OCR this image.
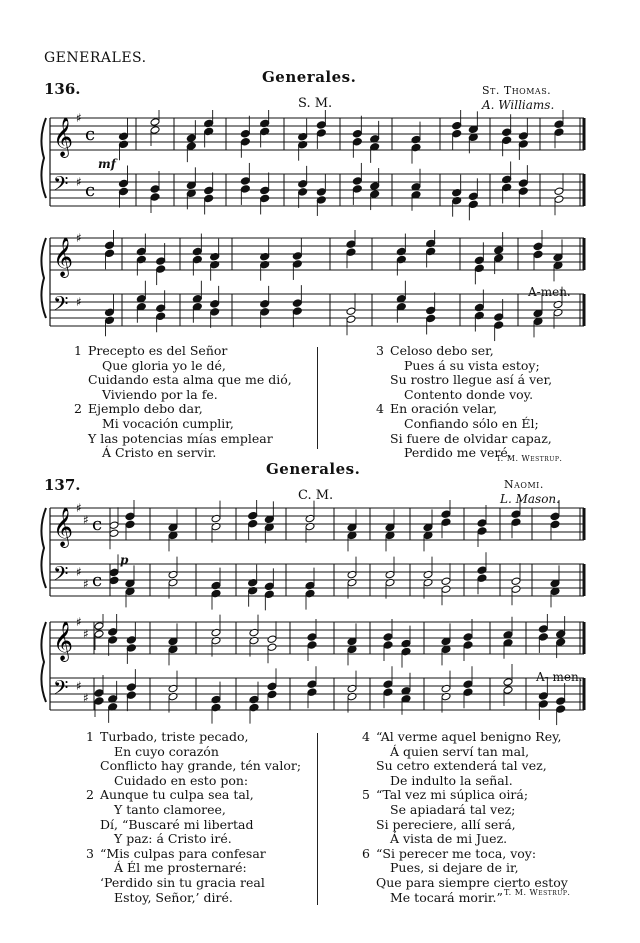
GENERALES.
136.
Generales.
S. M.
St. Thomas.
A. Williams.
𝄞 ♯
c
𝄢 ♯ c
𝄞 ♯
𝄢 ♯
mf
A-men.
1 Precepto es del Señor
Que gloria yo le dé,
Cuidando esta alma que me dió,
Viviendo por la fe.
2 Ejemplo debo dar,
Mi vocación cumplir,
Y las potencias mías emplear
Á Cristo en servir.
3 Celoso debo ser,
Pues á su vista estoy;
Su rostro llegue así á ver,
Contento donde voy.
4 En oración velar,
Confiando sólo en Él;
Si fuere de olvidar capaz,
Perdido me veré.
T. M. Westrup.
137.
Generales.
C. M.
Naomi.
L. Mason.
𝄞 ♯
♯ c
𝄢 ♯
♯ c
𝄞 ♯
♯
𝄢 ♯
♯
p
A- men.
1 Turbado, triste pecado,
En cuyo corazón
Conflicto hay grande, tén valor;
Cuidado en esto pon:
2 Aunque tu culpa sea tal,
Y tanto clamoree,
Dí, “Buscaré mi libertad
Y paz: á Cristo iré.
3 “Mis culpas para confesar
Á Él me prosternaré:
‘Perdido sin tu gracia real
Estoy, Señor,’ diré.
4 “Al verme aquel benigno Rey,
Á quien serví tan mal,
Su cetro extenderá tal vez,
De indulto la señal.
5 “Tal vez mi súplica oirá;
Se apiadará tal vez;
Si pereciere, allí será,
Á vista de mi Juez.
6 “Si perecer me toca, voy:
Pues, si dejare de ir,
Que para siempre cierto estoy
Me tocará morir.” T. M. Westrup.
